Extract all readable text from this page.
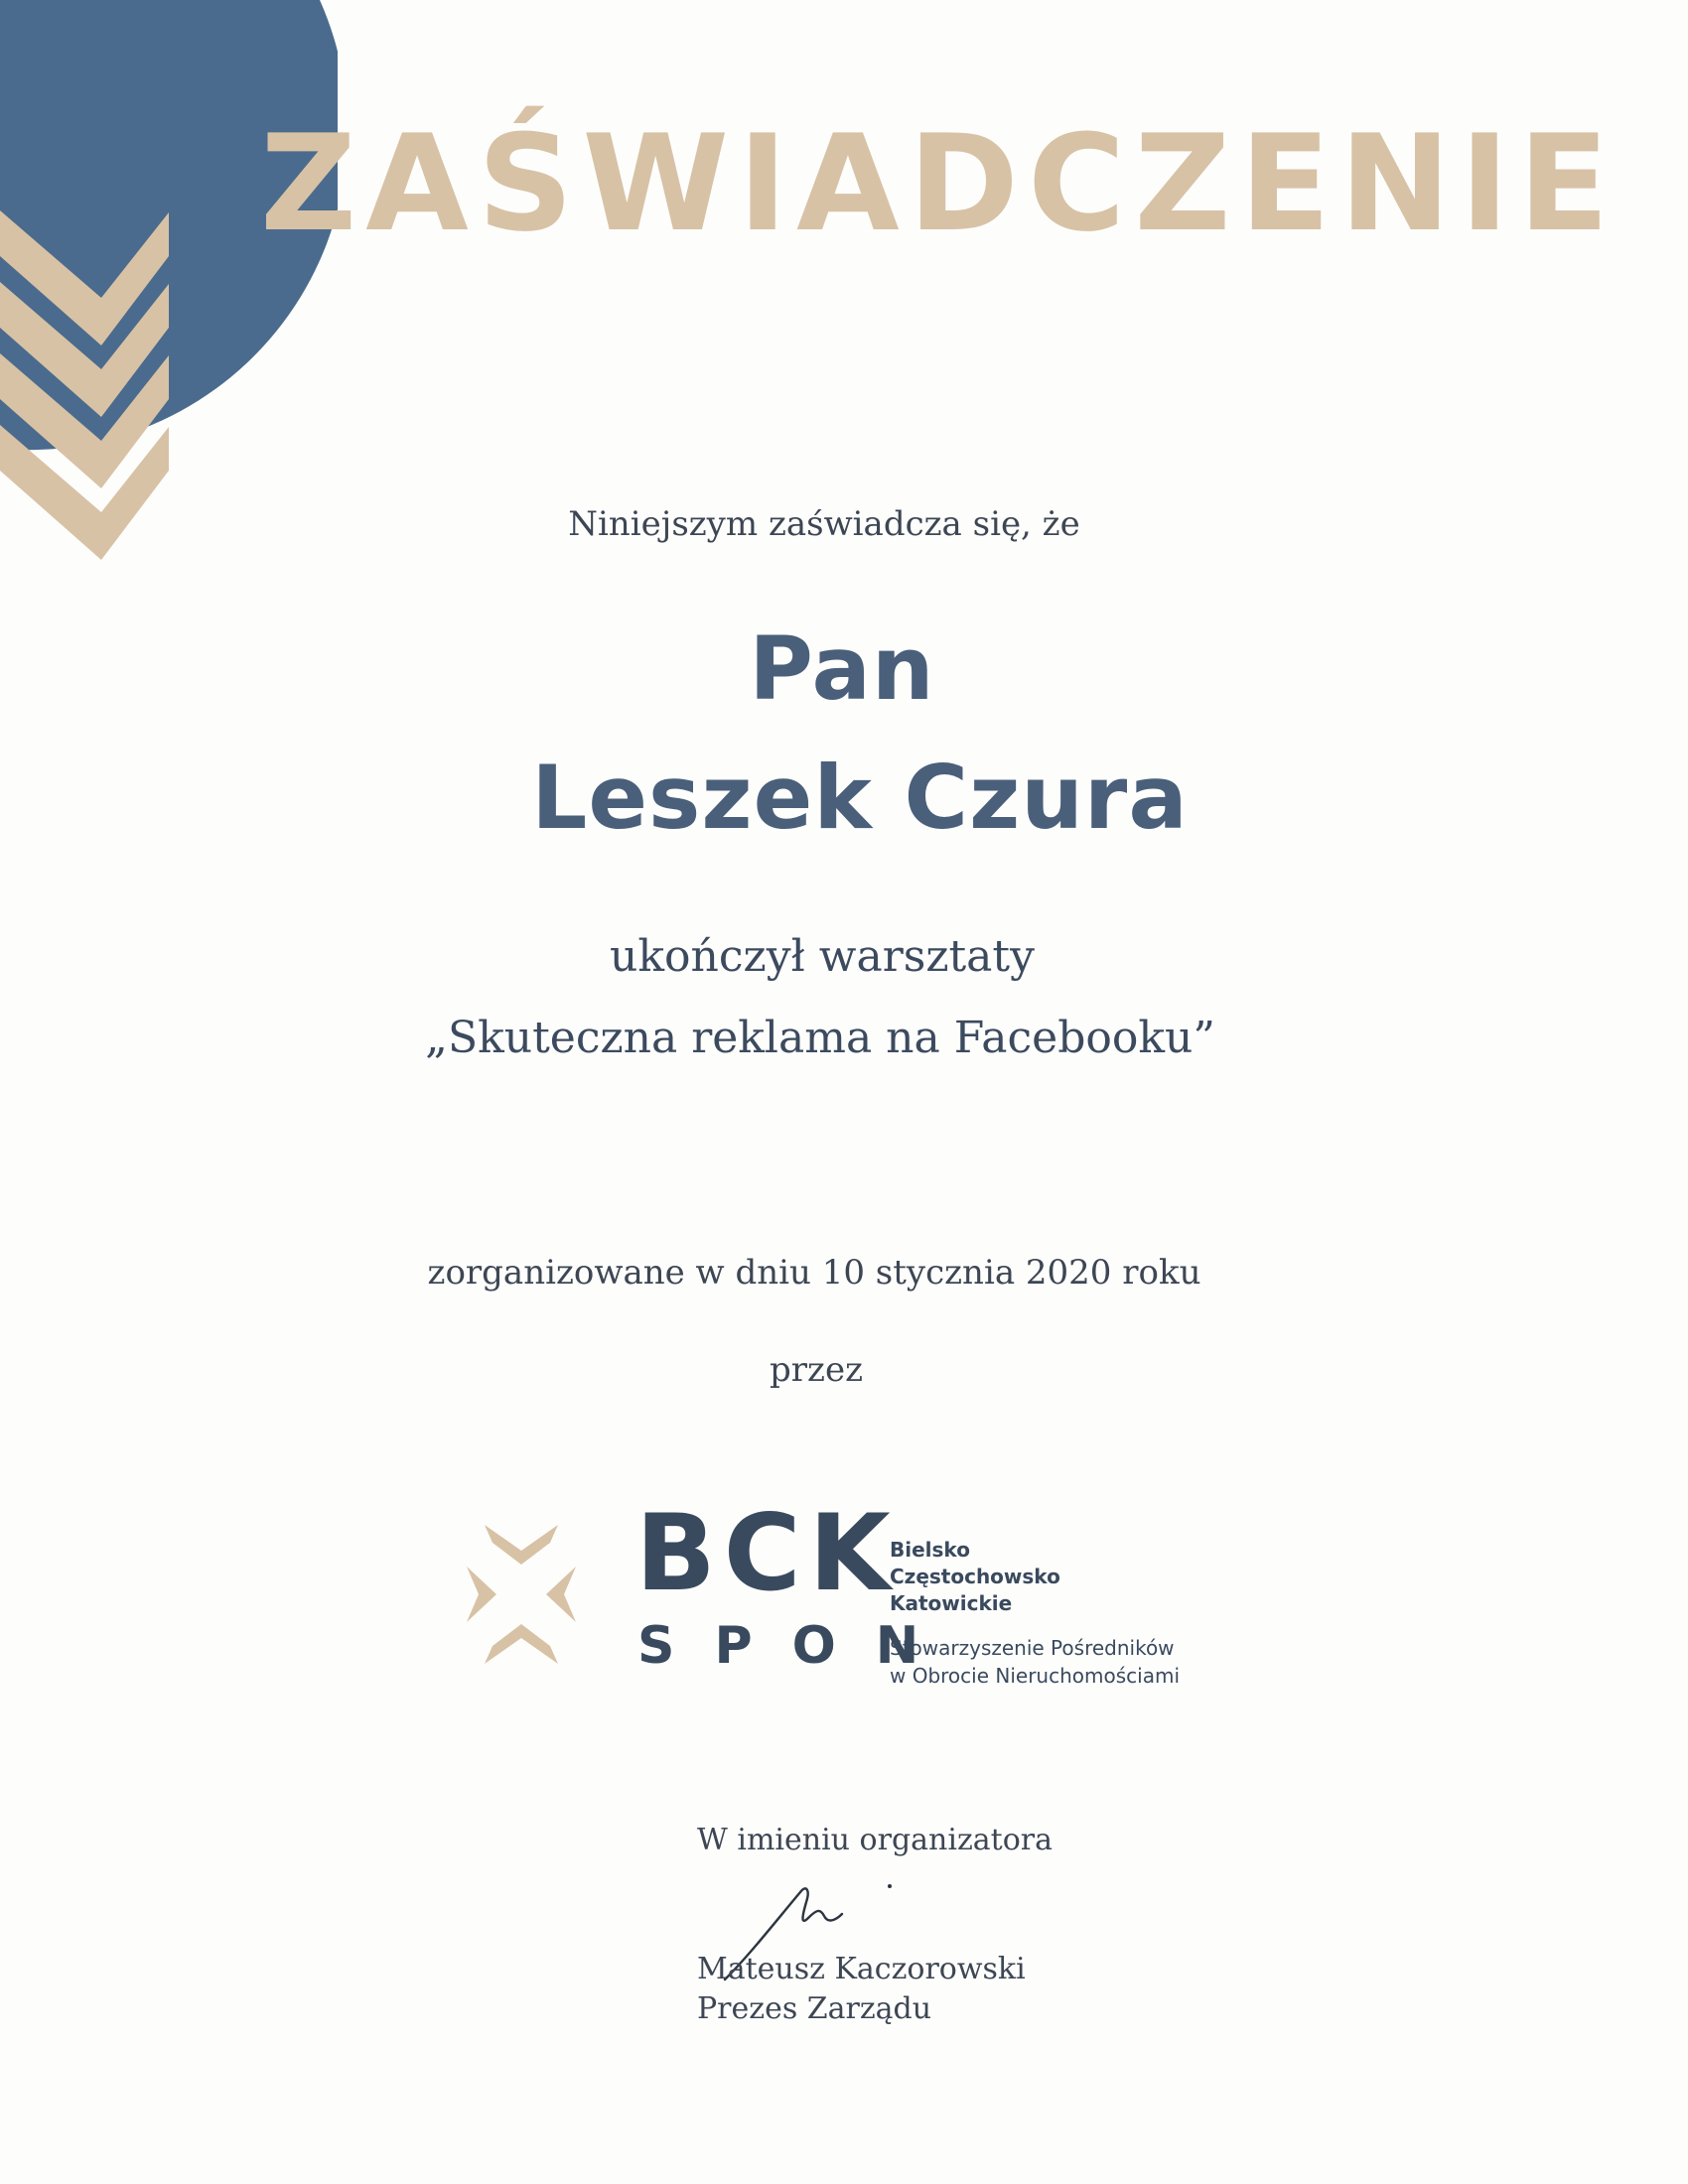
ZAŚWIADCZENIE
Niniejszym zaświadcza się, że
Pan
Leszek Czura
ukończył warsztaty
„Skuteczna reklama na Facebooku”
zorganizowane w dniu 10 stycznia 2020 roku
przez
BCK
SPON
Bielsko
Częstochowsko
Katowickie
Stowarzyszenie Pośredników
w Obrocie Nieruchomościami
W imieniu organizatora
Mateusz Kaczorowski
Prezes Zarządu
